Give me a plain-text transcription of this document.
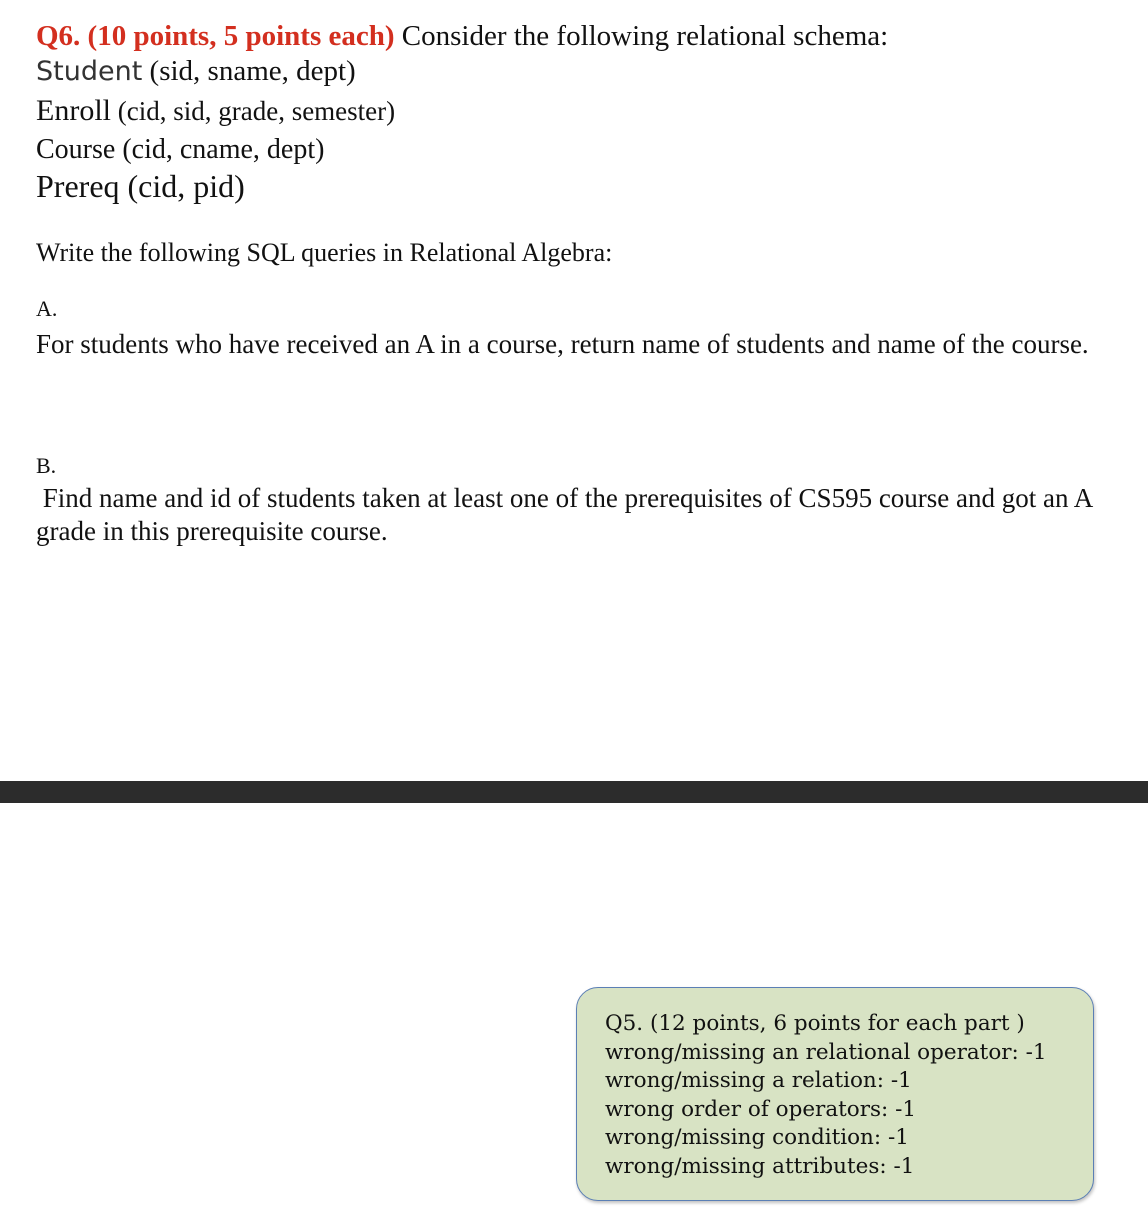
Q6. (10 points, 5 points each) Consider the following relational schema:
Student (sid, sname, dept)
Enroll (cid, sid, grade, semester)
Course (cid, cname, dept)
Prereq (cid, pid)
Write the following SQL queries in Relational Algebra:
A.
For students who have received an A in a course, return name of students and name of the course.
B.
Find name and id of students taken at least one of the prerequisites of CS595 course and got an A grade in this prerequisite course.
Q5. (12 points, 6 points for each part )
wrong/missing an relational operator: -1
wrong/missing a relation: -1
wrong order of operators: -1
wrong/missing condition: -1
wrong/missing attributes: -1
